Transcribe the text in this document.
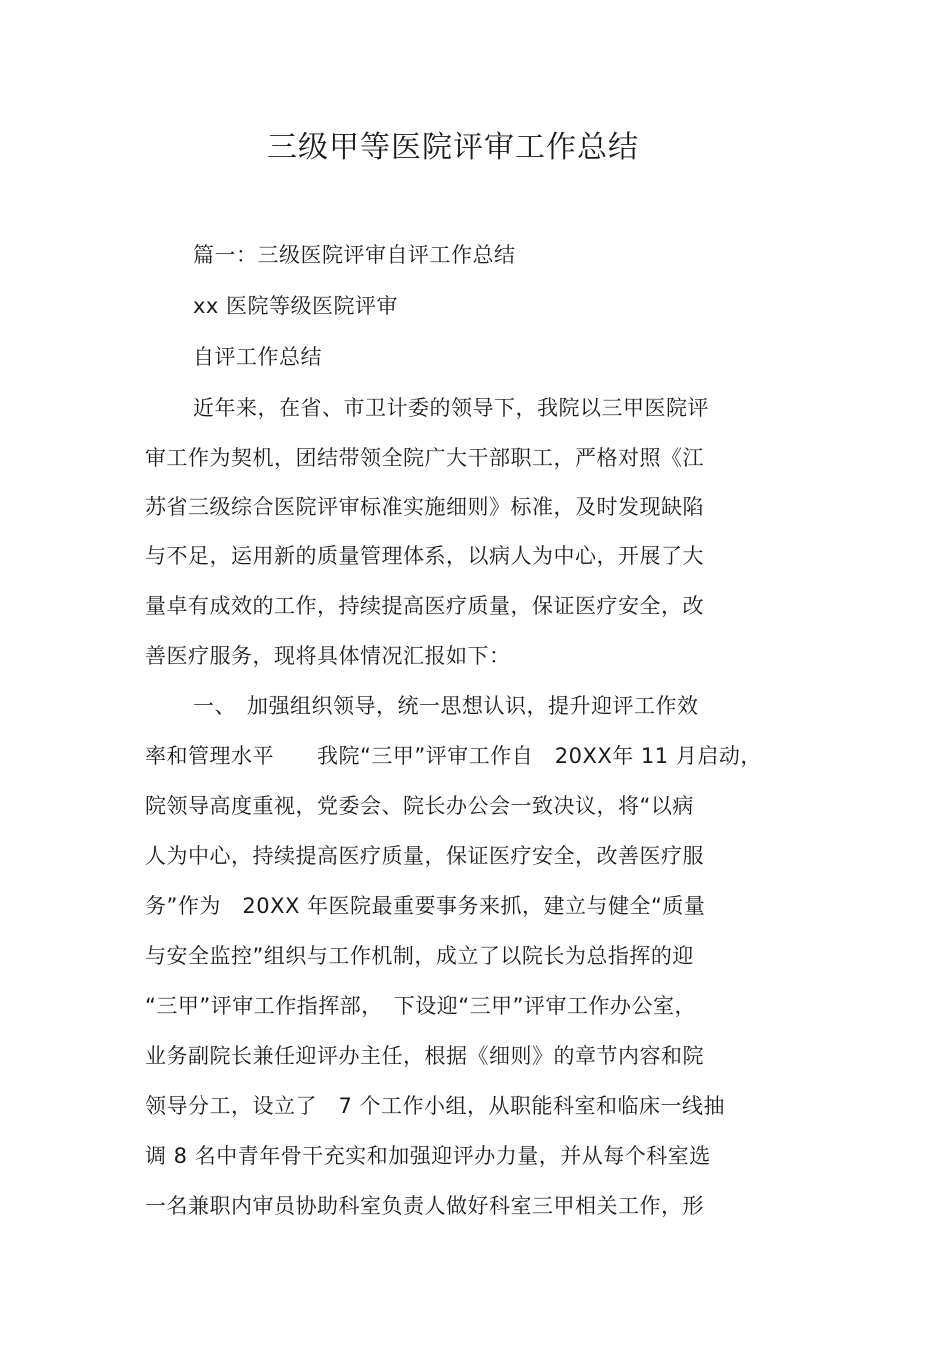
三级甲等医院评审工作总结
篇一：三级医院评审自评工作总结
xx 医院等级医院评审
自评工作总结
近年来，在省、市卫计委的领导下，我院以三甲医院评
审工作为契机，团结带领全院广大干部职工，严格对照《江
苏省三级综合医院评审标准实施细则》标准，及时发现缺陷
与不足，运用新的质量管理体系，以病人为中心，开展了大
量卓有成效的工作，持续提高医疗质量，保证医疗安全，改
善医疗服务，现将具体情况汇报如下：
一、　加强组织领导，统一思想认识，提升迎评工作效
率和管理水平　　我院“三甲”评审工作自　20XX年 11 月启动，
院领导高度重视，党委会、院长办公会一致决议，将“以病
人为中心，持续提高医疗质量，保证医疗安全，改善医疗服
务”作为　20XX 年医院最重要事务来抓，建立与健全“质量
与安全监控”组织与工作机制，成立了以院长为总指挥的迎
“三甲”评审工作指挥部，　下设迎“三甲”评审工作办公室，
业务副院长兼任迎评办主任，根据《细则》的章节内容和院
领导分工，设立了　7 个工作小组，从职能科室和临床一线抽
调 8 名中青年骨干充实和加强迎评办力量，并从每个科室选
一名兼职内审员协助科室负责人做好科室三甲相关工作，形
